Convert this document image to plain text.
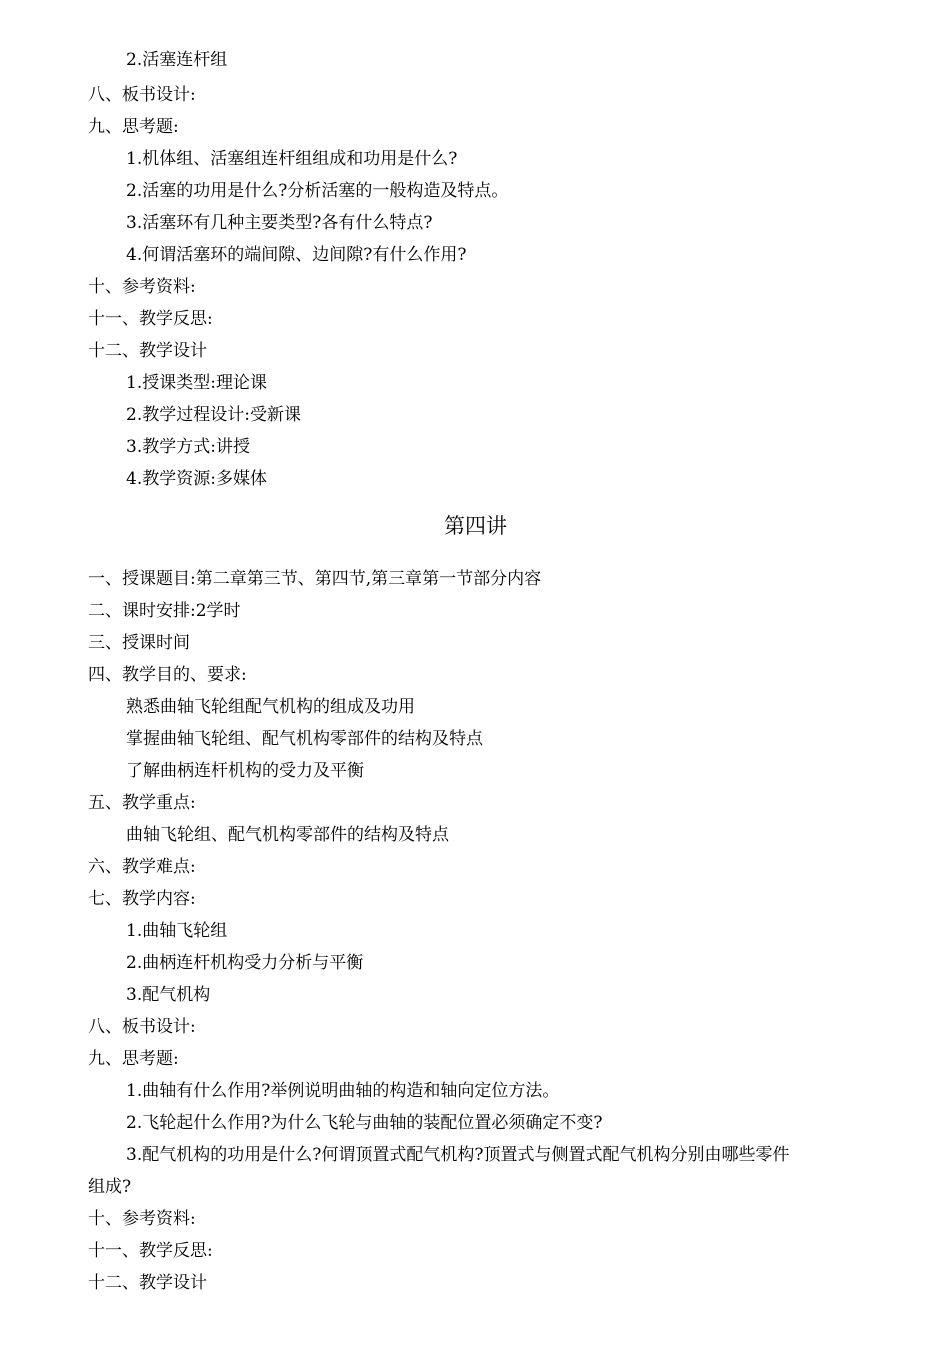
2.活塞连杆组
八、板书设计:
九、思考题:
1.机体组、活塞组连杆组组成和功用是什么?
2.活塞的功用是什么?分析活塞的一般构造及特点。
3.活塞环有几种主要类型?各有什么特点?
4.何谓活塞环的端间隙、边间隙?有什么作用?
十、参考资料:
十一、教学反思:
十二、教学设计
1.授课类型:理论课
2.教学过程设计:受新课
3.教学方式:讲授
4.教学资源:多媒体
第四讲
一、授课题目:第二章第三节、第四节,第三章第一节部分内容
二、课时安排:2学时
三、授课时间
四、教学目的、要求:
熟悉曲轴飞轮组配气机构的组成及功用
掌握曲轴飞轮组、配气机构零部件的结构及特点
了解曲柄连杆机构的受力及平衡
五、教学重点:
曲轴飞轮组、配气机构零部件的结构及特点
六、教学难点:
七、教学内容:
1.曲轴飞轮组
2.曲柄连杆机构受力分析与平衡
3.配气机构
八、板书设计:
九、思考题:
1.曲轴有什么作用?举例说明曲轴的构造和轴向定位方法。
2.飞轮起什么作用?为什么飞轮与曲轴的装配位置必须确定不变?
3.配气机构的功用是什么?何谓顶置式配气机构?顶置式与侧置式配气机构分别由哪些零件
组成?
十、参考资料:
十一、教学反思:
十二、教学设计
